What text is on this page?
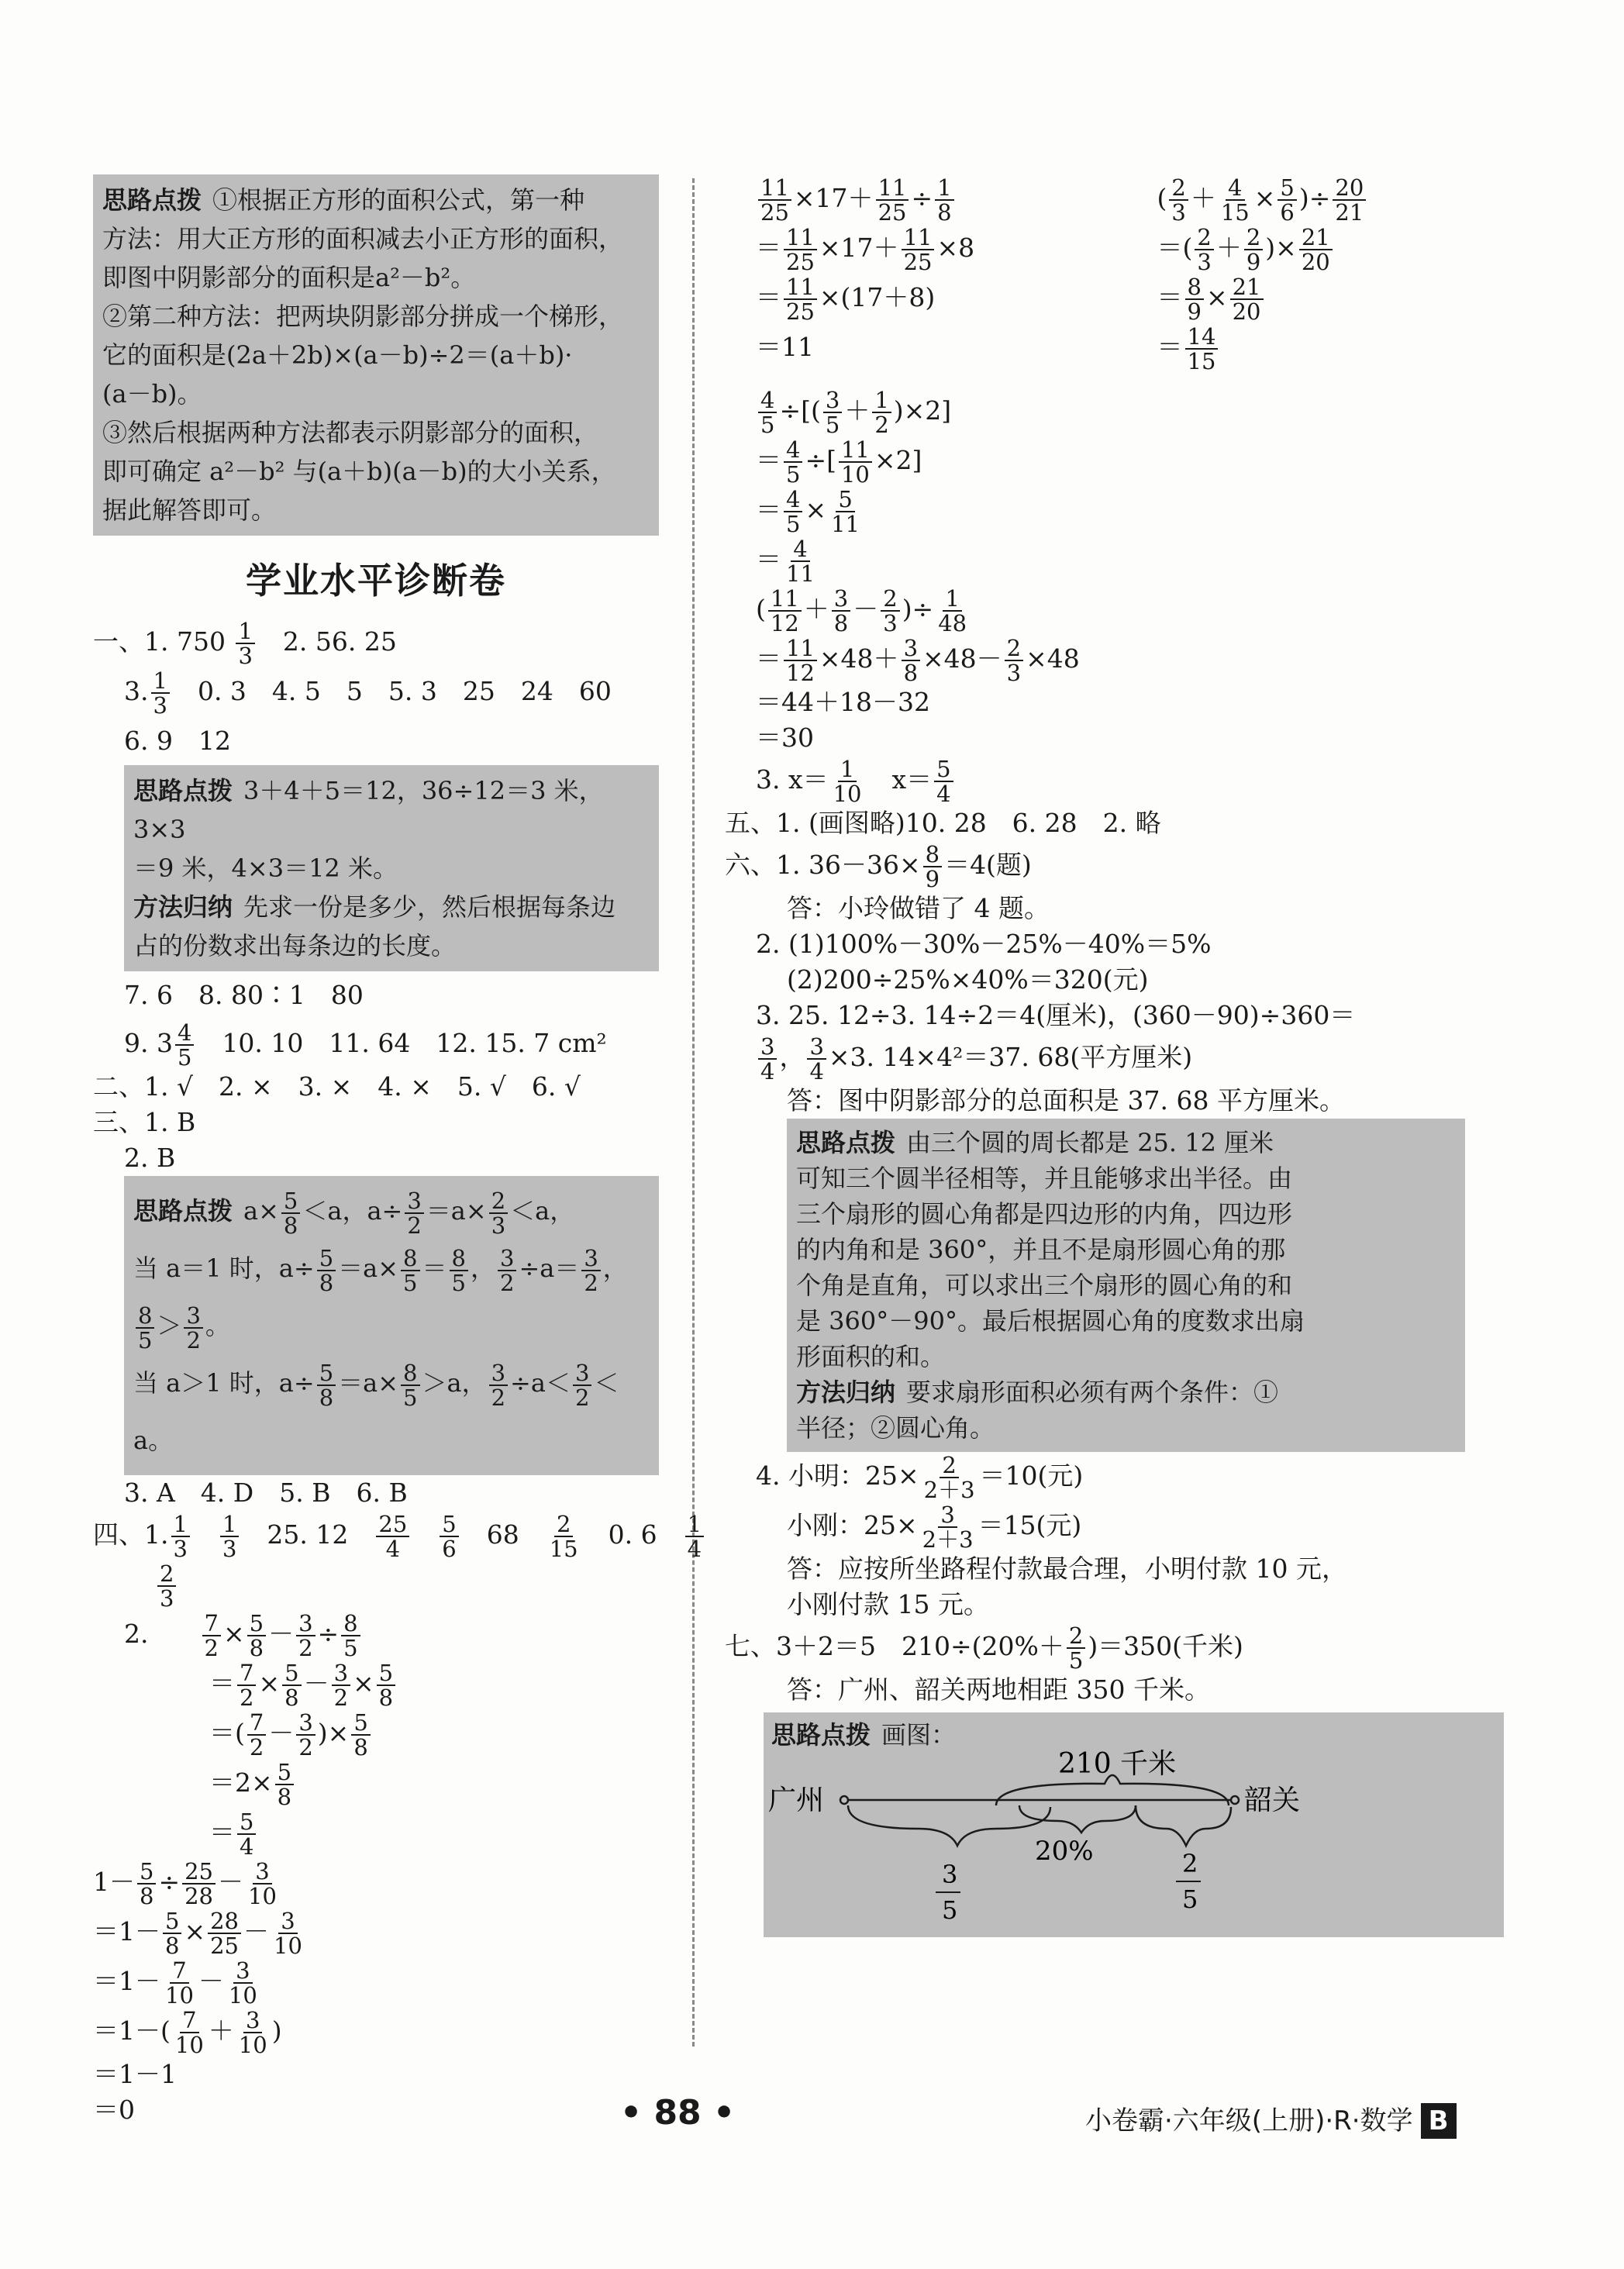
思路点拨 ①根据正方形的面积公式，第一种
方法：用大正方形的面积减去小正方形的面积，
即图中阴影部分的面积是a²－b²。
②第二种方法：把两块阴影部分拼成一个梯形，
它的面积是(2a＋2b)×(a－b)÷2＝(a＋b)·
(a－b)。
③然后根据两种方法都表示阴影部分的面积，
即可确定 a²－b² 与(a＋b)(a－b)的大小关系，
据此解答即可。
学业水平诊断卷
一、1. $750 \frac{1}{3}$
　 2. 56. 25
3. $\frac{1}{3}$
　 0. 3　4. 5　5　5. 3　25　24　60
6. 9　12
思路点拨 3＋4＋5＝12，36÷12＝3 米，3×3
＝9 米，4×3＝12 米。
方法归纳 先求一份是多少，然后根据每条边
占的份数求出每条边的长度。
7. 6　8. 80∶1　80
9. $3 \frac{4}{5}$
　 10. 10　11. 64　12. 15. 7 cm²
二、1. √　2. ×　3. ×　4. ×　5. √　6. √
三、1. B
2. B
思路点拨 $a\times \frac{5}{8} <a$，$a\div \frac{3}{2} =a\times \frac{2}{3} <a$，
当 a＝1 时，$a\div \frac{5}{8} =a\times \frac{8}{5} = \frac{8}{5}$ ， $\frac{3}{2} \div a= \frac{3}{2}$ ，
$\frac{8}{5} > \frac{3}{2}$ 。
当 a＞1 时，$a\div \frac{5}{8} =a\times \frac{8}{5} >a$， $\frac{3}{2} \div a< \frac{3}{2}$ ＜
a。
3. A　4. D　5. B　6. B
四、1. $\frac{1}{3}$
　 $\frac{1}{3}$
　 25. 12　 $\frac{25}{4}$
　 $\frac{5}{6}$
　 68　 $\frac{2}{15}$
　 0. 6　 $\frac{1}{4}$
$\frac{2}{3}$
2.　　 $\frac{7}{2} \times \frac{5}{8} - \frac{3}{2} \div \frac{8}{5}$
＝ $\frac{7}{2} \times \frac{5}{8} - \frac{3}{2} \times \frac{5}{8}$
＝( $\frac{7}{2} - \frac{3}{2}$ )× $\frac{5}{8}$
$=2\times \frac{5}{8}$
＝ $\frac{5}{4}$
$1- \frac{5}{8} \div \frac{25}{28} - \frac{3}{10}$
$=1- \frac{5}{8} \times \frac{28}{25} - \frac{3}{10}$
$=1- \frac{7}{10} - \frac{3}{10}$
$=1-( \frac{7}{10} + \frac{3}{10}$ )
＝1－1
＝0
$\frac{11}{25} \times 17+ \frac{11}{25} \div \frac{1}{8}$
＝ $\frac{11}{25} \times 17+ \frac{11}{25} \times 8$
＝ $\frac{11}{25} \times(17+8)$
＝11
( $\frac{2}{3} + \frac{4}{15} \times \frac{5}{6}$ )÷ $\frac{20}{21}$
＝( $\frac{2}{3} + \frac{2}{9}$ )× $\frac{21}{20}$
＝ $\frac{8}{9} \times \frac{21}{20}$
＝ $\frac{14}{15}$
$\frac{4}{5}$ ÷[( $\frac{3}{5} + \frac{1}{2} )\times 2$]
＝ $\frac{4}{5}$ ÷[ $\frac{11}{10} \times 2$]
＝ $\frac{4}{5} \times \frac{5}{11}$
＝ $\frac{4}{11}$
( $\frac{11}{12} + \frac{3}{8} - \frac{2}{3}$ )÷ $\frac{1}{48}$
＝ $\frac{11}{12} \times 48+ \frac{3}{8} \times 48- \frac{2}{3} \times 48$
＝44＋18－32
＝30
3. $x= \frac{1}{10}$
　 $x= \frac{5}{4}$
五、1. (画图略)10. 28　6. 28　2. 略
六、1. $36-36\times \frac{8}{9} =4$(题)
答：小玲做错了 4 题。
2. (1)100%－30%－25%－40%＝5%
(2)200÷25%×40%＝320(元)
3. 25. 12÷3. 14÷2＝4(厘米)，(360－90)÷360＝
$\frac{3}{4}$ ， $\frac{3}{4} \times 3$. 14×4²＝37. 68(平方厘米)
答：图中阴影部分的总面积是 37. 68 平方厘米。
思路点拨 由三个圆的周长都是 25. 12 厘米
可知三个圆半径相等，并且能够求出半径。由
三个扇形的圆心角都是四边形的内角，四边形
的内角和是 360°，并且不是扇形圆心角的那
个角是直角，可以求出三个扇形的圆心角的和
是 360°－90°。最后根据圆心角的度数求出扇
形面积的和。
方法归纳 要求扇形面积必须有两个条件：①
半径；②圆心角。
4. 小明：$25\times \frac{2}{2+3} =10$(元)
小刚：$25\times \frac{3}{2+3} =15$(元)
答：应按所坐路程付款最合理，小明付款 10 元，
小刚付款 15 元。
七、3＋2＝5　$210\div(20\%+ \frac{2}{5} )=350$(千米)
答：广州、韶关两地相距 350 千米。
思路点拨 画图：
210 千米
广州	韶关
20%
3
5
2
5
• 88 •	小卷霸·六年级(上册)·R·数学 B
